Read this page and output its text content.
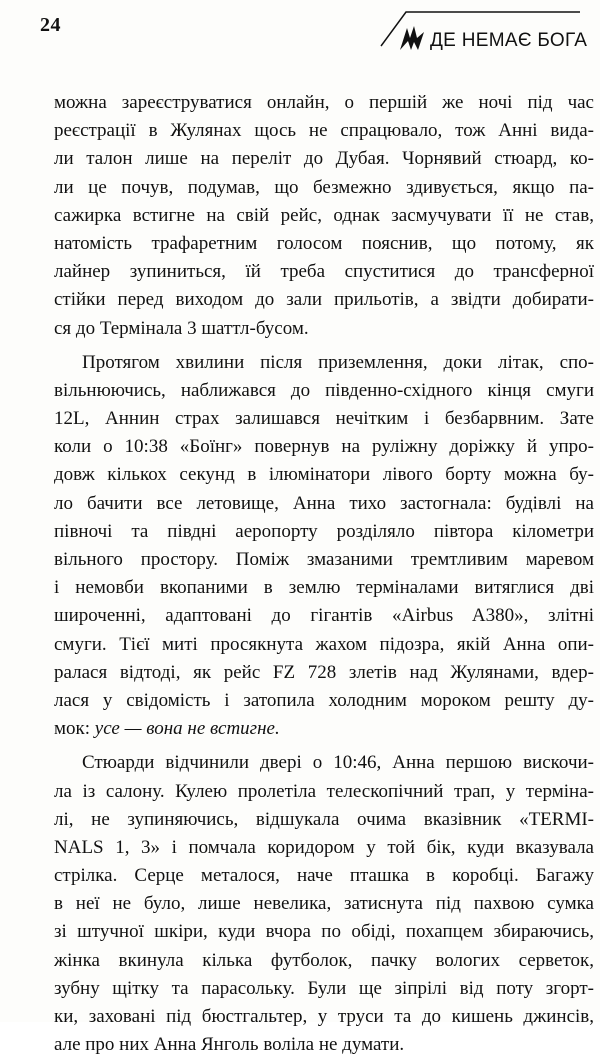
24
ДЕ НЕМАЄ БОГА
можна зареєструватися онлайн, о першій же ночі під час
реєстрації в Жулянах щось не спрацювало, тож Анні вида-
ли талон лише на переліт до Дубая. Чорнявий стюард, ко-
ли це почув, подумав, що безмежно здивується, якщо па-
сажирка встигне на свій рейс, однак засмучувати її не став,
натомість трафаретним голосом пояснив, що потому, як
лайнер зупиниться, їй треба спуститися до трансферної
стійки перед виходом до зали прильотів, а звідти добирати-
ся до Термінала 3 шаттл-бусом.
Протягом хвилини після приземлення, доки літак, спо-
вільнюючись, наближався до південно-східного кінця смуги
12L, Аннин страх залишався нечітким і безбарвним. Зате
коли о 10:38 «Боїнг» повернув на руліжну доріжку й упро-
довж кількох секунд в ілюмінатори лівого борту можна бу-
ло бачити все летовище, Анна тихо застогнала: будівлі на
півночі та півдні аеропорту розділяло півтора кілометри
вільного простору. Поміж змазаними тремтливим маревом
і немовби вкопаними в землю терміналами витяглися дві
широченні, адаптовані до гігантів «Airbus A380», злітні
смуги. Тієї миті просякнута жахом підозра, якій Анна опи-
ралася відтоді, як рейс FZ 728 злетів над Жулянами, вдер-
лася у свідомість і затопила холодним мороком решту ду-
мок: усе — вона не встигне.
Стюарди відчинили двері о 10:46, Анна першою вискочи-
ла із салону. Кулею пролетіла телескопічний трап, у терміна-
лі, не зупиняючись, відшукала очима вказівник «TERMI-
NALS 1, 3» і помчала коридором у той бік, куди вказувала
стрілка. Серце металося, наче пташка в коробці. Багажу
в неї не було, лише невелика, затиснута під пахвою сумка
зі штучної шкіри, куди вчора по обіді, похапцем збираючись,
жінка вкинула кілька футболок, пачку вологих серветок,
зубну щітку та парасольку. Були ще зіпрілі від поту згорт-
ки, заховані під бюстгальтер, у труси та до кишень джинсів,
але про них Анна Янголь воліла не думати.
